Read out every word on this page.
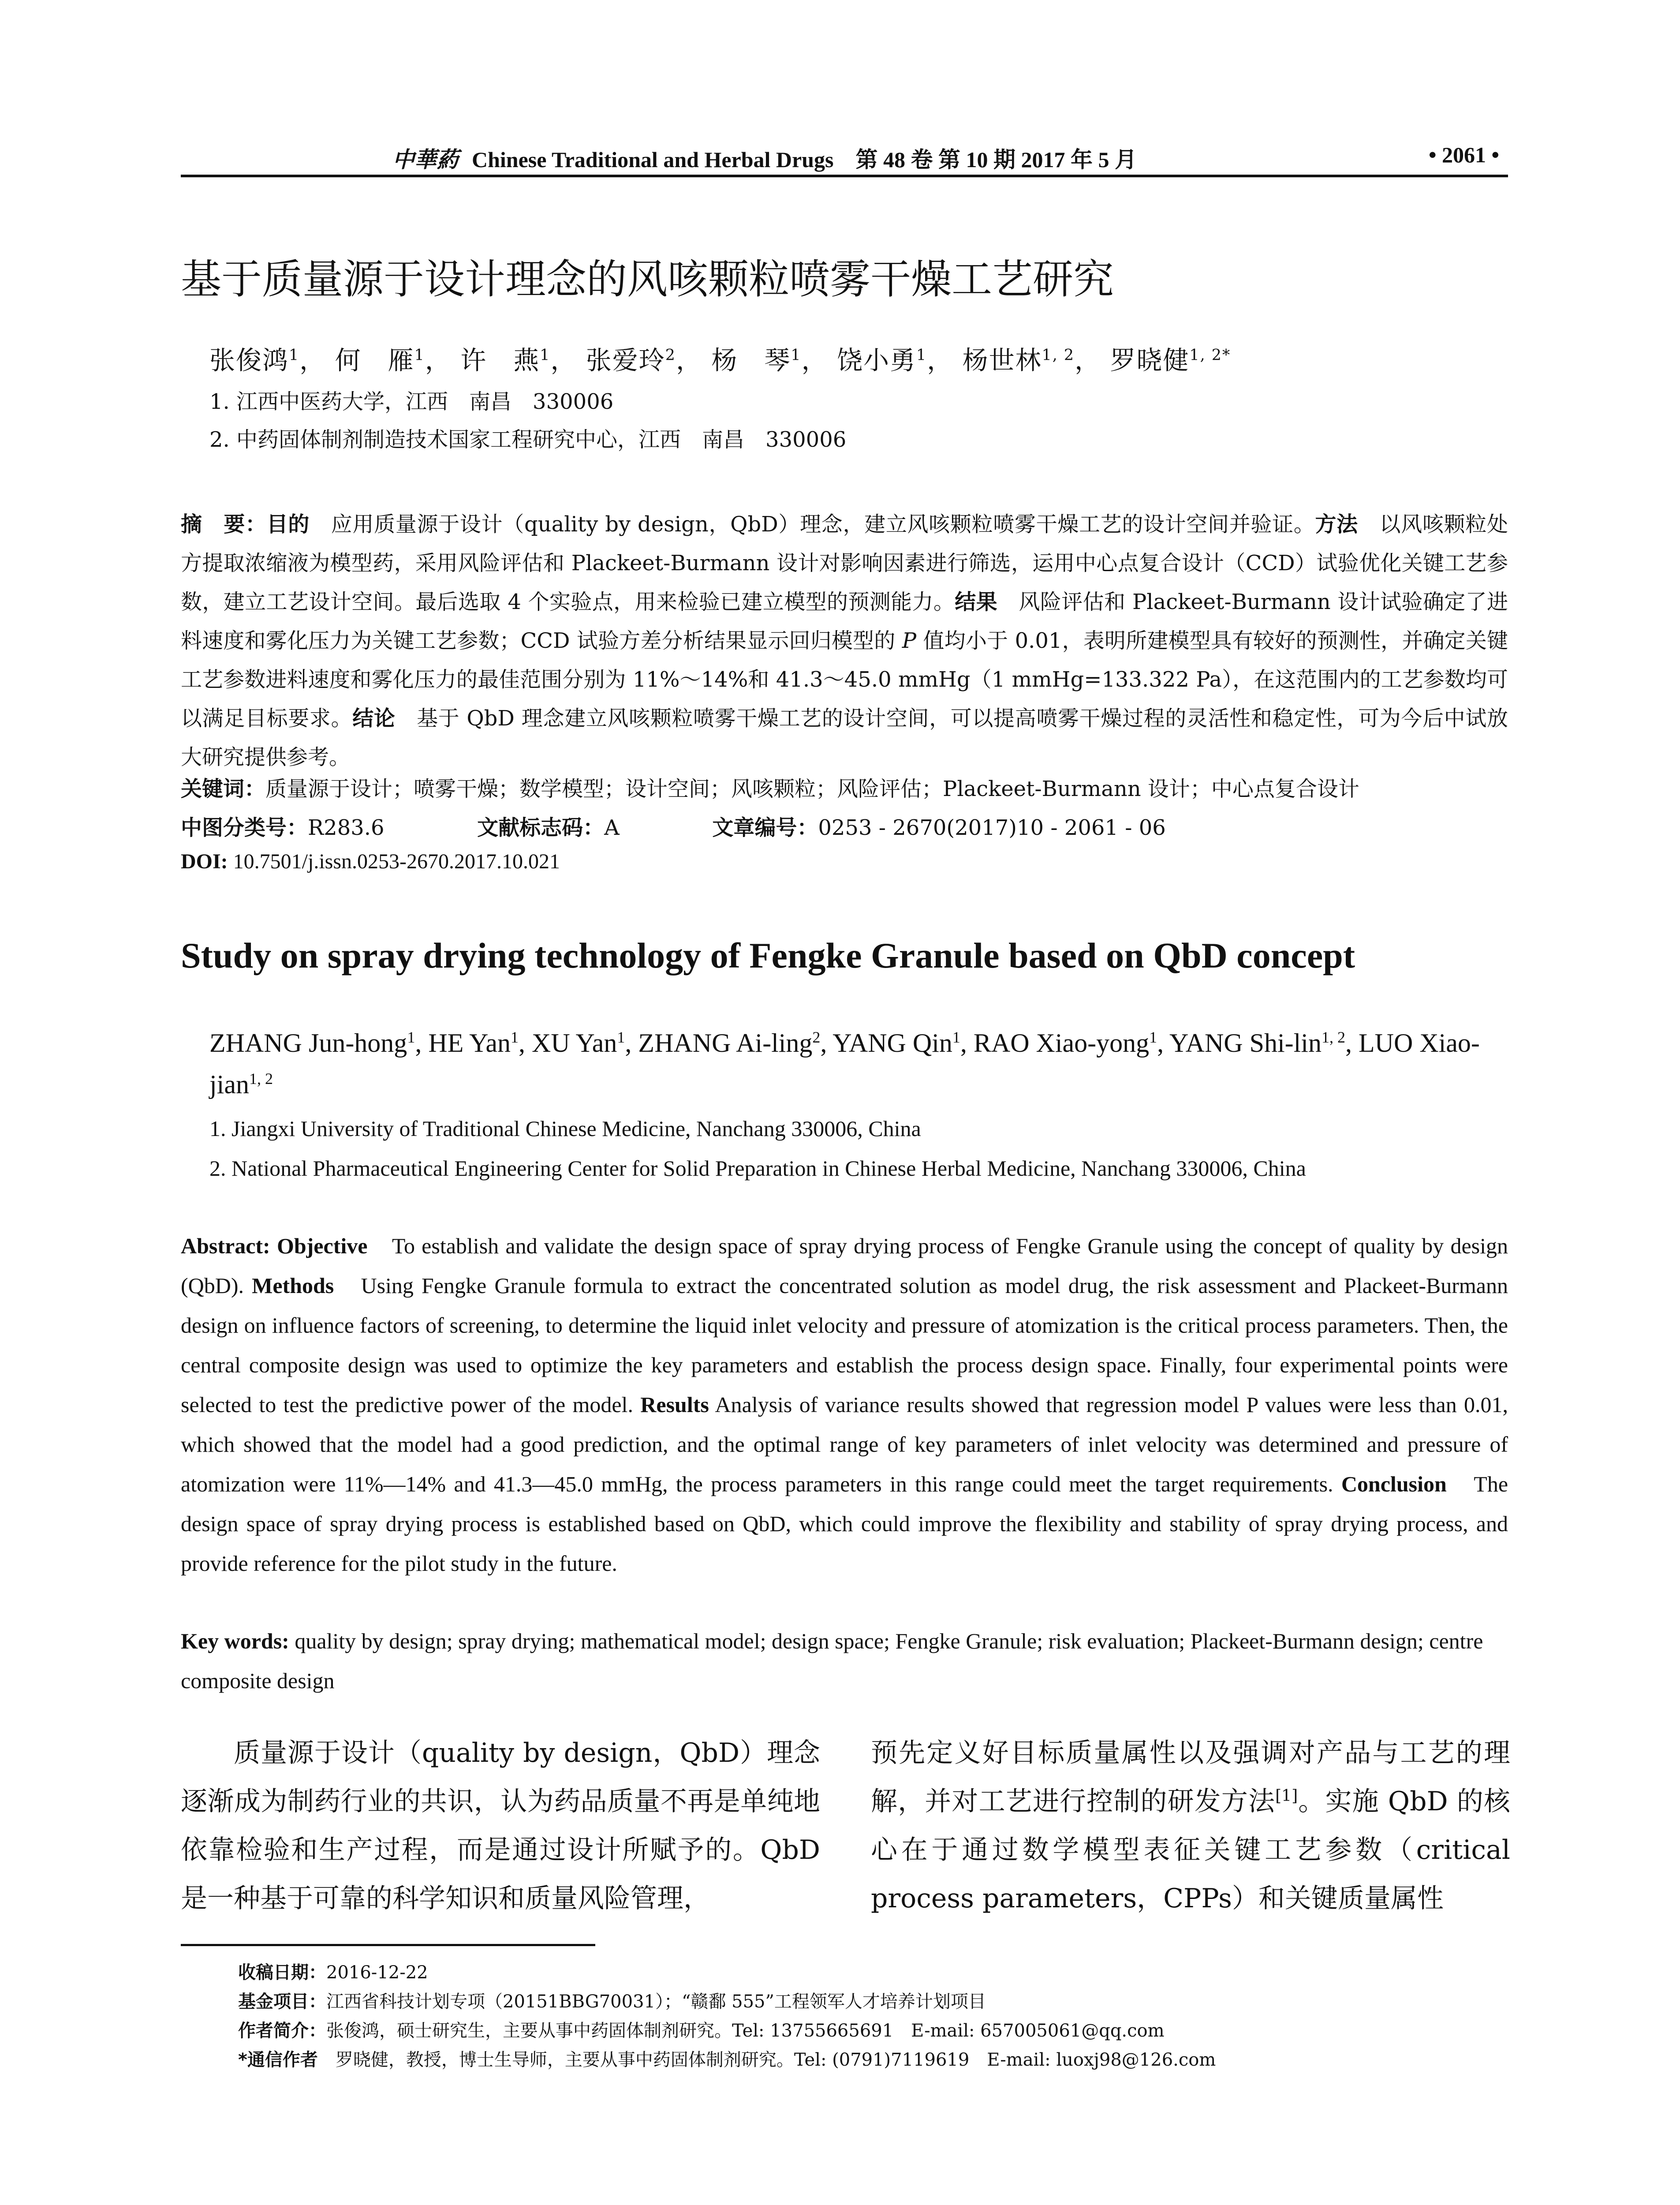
中華葯 Chinese Traditional and Herbal Drugs　第 48 卷 第 10 期 2017 年 5 月	• 2061 •
基于质量源于设计理念的风咳颗粒喷雾干燥工艺研究
张俊鸿$^1$， 何　雁$^1$， 许　燕$^1$， 张爱玲$^2$， 杨　琴$^1$， 饶小勇$^1$， 杨世林$^{1, 2}$， 罗晓健$^{1, 2*}$
1. 江西中医药大学，江西　南昌　330006
2. 中药固体制剂制造技术国家工程研究中心，江西　南昌　330006
摘　要：目的　应用质量源于设计（quality by design，QbD）理念，建立风咳颗粒喷雾干燥工艺的设计空间并验证。方法　以风咳颗粒处方提取浓缩液为模型药，采用风险评估和 Plackeet-Burmann 设计对影响因素进行筛选，运用中心点复合设计（CCD）试验优化关键工艺参数，建立工艺设计空间。最后选取 4 个实验点，用来检验已建立模型的预测能力。结果　风险评估和 Plackeet-Burmann 设计试验确定了进料速度和雾化压力为关键工艺参数；CCD 试验方差分析结果显示回归模型的 P 值均小于 0.01，表明所建模型具有较好的预测性，并确定关键工艺参数进料速度和雾化压力的最佳范围分别为 11%～14%和 41.3～45.0 mmHg（1 mmHg=133.322 Pa），在这范围内的工艺参数均可以满足目标要求。结论　基于 QbD 理念建立风咳颗粒喷雾干燥工艺的设计空间，可以提高喷雾干燥过程的灵活性和稳定性，可为今后中试放大研究提供参考。
关键词：质量源于设计；喷雾干燥；数学模型；设计空间；风咳颗粒；风险评估；Plackeet-Burmann 设计；中心点复合设计
中图分类号：R283.6	文献标志码：A	文章编号：0253 - 2670(2017)10 - 2061 - 06
DOI: 10.7501/j.issn.0253-2670.2017.10.021
Study on spray drying technology of Fengke Granule based on QbD concept
ZHANG Jun-hong$^1$, HE Yan$^1$, XU Yan$^1$, ZHANG Ai-ling$^2$, YANG Qin$^1$, RAO Xiao-yong$^1$, YANG Shi-lin$^{1, 2}$, LUO Xiao-jian$^{1, 2}$
1. Jiangxi University of Traditional Chinese Medicine, Nanchang 330006, China
2. National Pharmaceutical Engineering Center for Solid Preparation in Chinese Herbal Medicine, Nanchang 330006, China
Abstract: Objective　To establish and validate the design space of spray drying process of Fengke Granule using the concept of quality by design (QbD). Methods　Using Fengke Granule formula to extract the concentrated solution as model drug, the risk assessment and Plackeet-Burmann design on influence factors of screening, to determine the liquid inlet velocity and pressure of atomization is the critical process parameters. Then, the central composite design was used to optimize the key parameters and establish the process design space. Finally, four experimental points were selected to test the predictive power of the model. Results Analysis of variance results showed that regression model P values were less than 0.01, which showed that the model had a good prediction, and the optimal range of key parameters of inlet velocity was determined and pressure of atomization were 11%—14% and 41.3—45.0 mmHg, the process parameters in this range could meet the target requirements. Conclusion　The design space of spray drying process is established based on QbD, which could improve the flexibility and stability of spray drying process, and provide reference for the pilot study in the future.
Key words: quality by design; spray drying; mathematical model; design space; Fengke Granule; risk evaluation; Plackeet-Burmann design; centre composite design
质量源于设计（quality by design，QbD）理念逐渐成为制药行业的共识，认为药品质量不再是单纯地依靠检验和生产过程，而是通过设计所赋予的。QbD 是一种基于可靠的科学知识和质量风险管理，
预先定义好目标质量属性以及强调对产品与工艺的理解，并对工艺进行控制的研发方法[1]。实施 QbD 的核心在于通过数学模型表征关键工艺参数（critical process parameters，CPPs）和关键质量属性
收稿日期：2016-12-22
基金项目：江西省科技计划专项（20151BBG70031）；“赣鄱 555”工程领军人才培养计划项目
作者简介：张俊鸿，硕士研究生，主要从事中药固体制剂研究。Tel: 13755665691　E-mail: 657005061@qq.com
*通信作者　罗晓健，教授，博士生导师，主要从事中药固体制剂研究。Tel: (0791)7119619　E-mail: luoxj98@126.com
